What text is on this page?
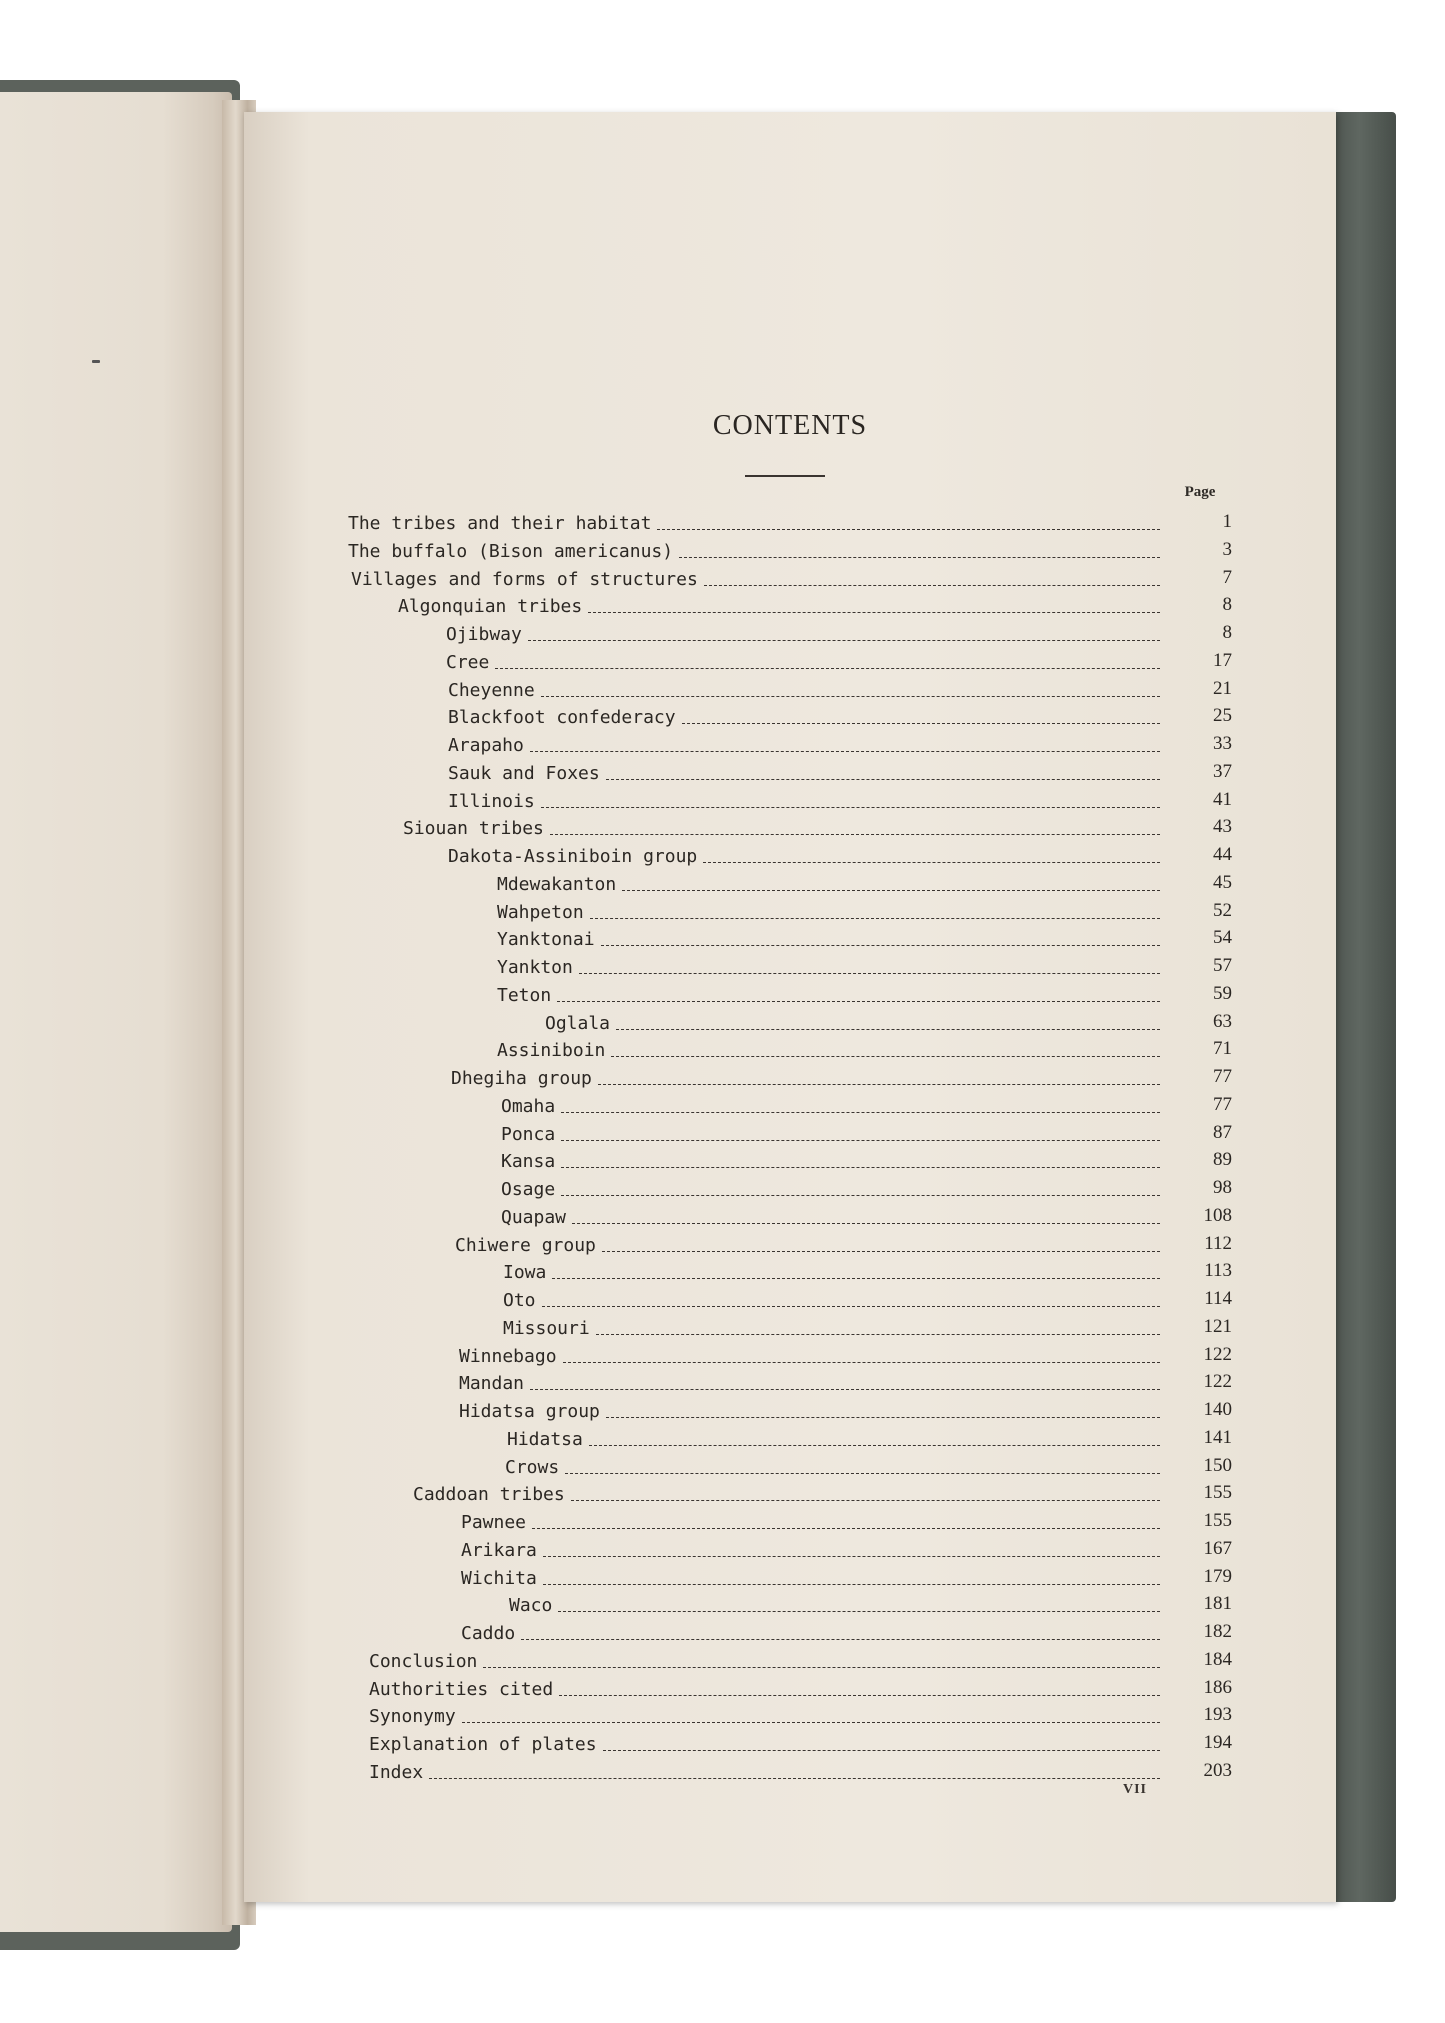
CONTENTS
Page
The tribes and their habitat	1
The buffalo (Bison americanus)	3
Villages and forms of structures	7
Algonquian tribes	8
Ojibway	8
Cree	17
Cheyenne	21
Blackfoot confederacy	25
Arapaho	33
Sauk and Foxes	37
Illinois	41
Siouan tribes	43
Dakota-Assiniboin group	44
Mdewakanton	45
Wahpeton	52
Yanktonai	54
Yankton	57
Teton	59
Oglala	63
Assiniboin	71
Dhegiha group	77
Omaha	77
Ponca	87
Kansa	89
Osage	98
Quapaw	108
Chiwere group	112
Iowa	113
Oto	114
Missouri	121
Winnebago	122
Mandan	122
Hidatsa group	140
Hidatsa	141
Crows	150
Caddoan tribes	155
Pawnee	155
Arikara	167
Wichita	179
Waco	181
Caddo	182
Conclusion	184
Authorities cited	186
Synonymy	193
Explanation of plates	194
Index	203
VII
